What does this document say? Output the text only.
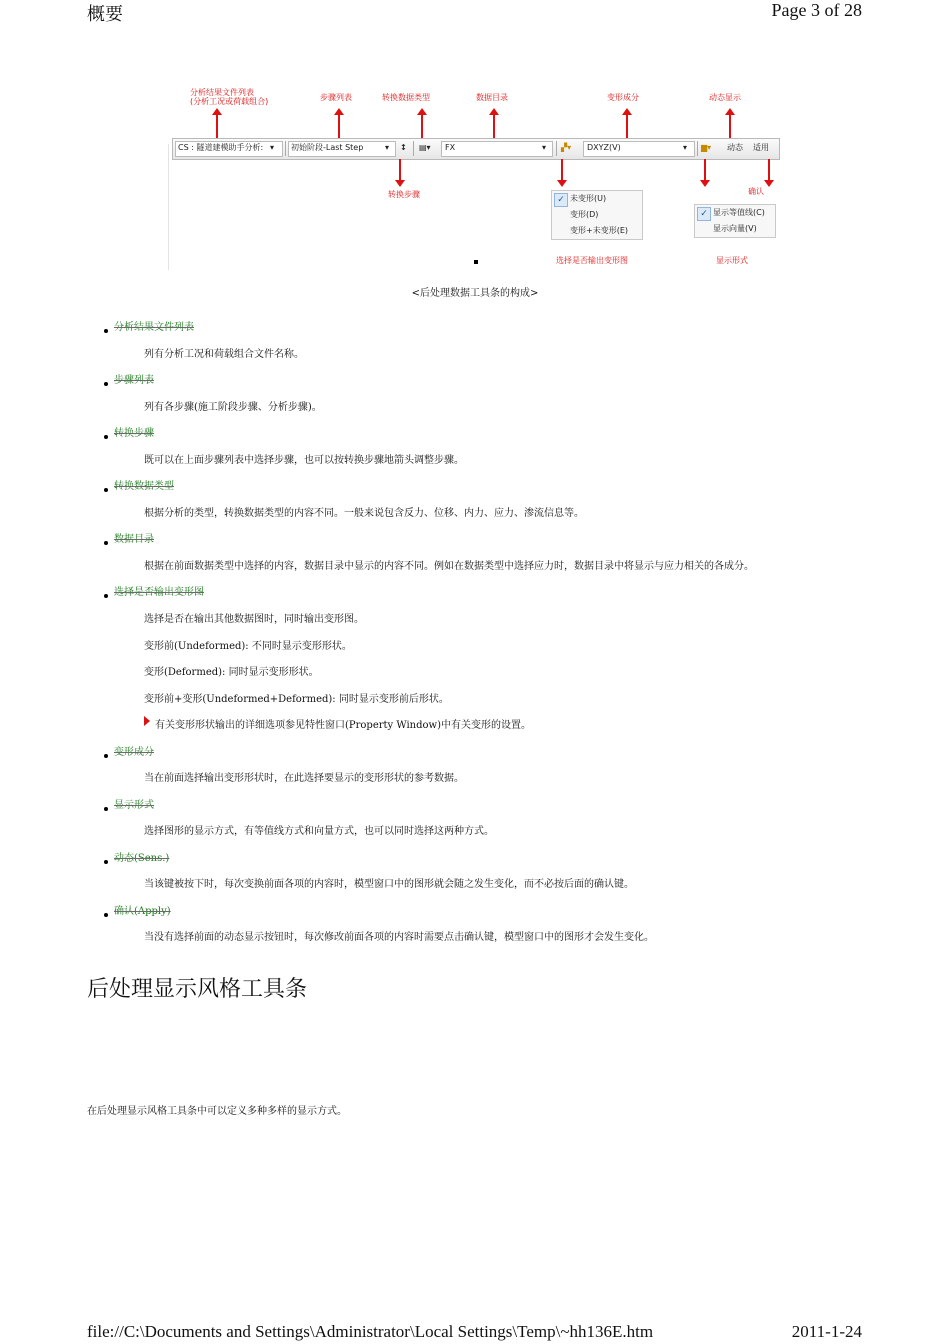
概要	Page 3 of 28
分析结果文件列表
(分析工况或荷载组合)	步骤列表	转换数据类型	数据目录	变形成分	动态显示
CS : 隧道建模助手分析: ▾ 初始阶段-Last Step	▾ ↕ ▤▾ FX	▾ ▞▾ DXYZ(V)	▾ ▆▾ 动态 适用
转换步骤	确认
✓ 未变形(U)
变形(D)
变形+未变形(E)
✓ 显示等值线(C)
显示向量(V)
选择是否输出变形图	显示形式
<后处理数据工具条的构成>
分析结果文件列表
列有分析工况和荷载组合文件名称。
步骤列表
列有各步骤(施工阶段步骤、分析步骤)。
转换步骤
既可以在上面步骤列表中选择步骤，也可以按转换步骤地箭头调整步骤。
转换数据类型
根据分析的类型，转换数据类型的内容不同。一般来说包含反力、位移、内力、应力、渗流信息等。
数据目录
根据在前面数据类型中选择的内容，数据目录中显示的内容不同。例如在数据类型中选择应力时，数据目录中将显示与应力相关的各成分。
选择是否输出变形图
选择是否在输出其他数据图时，同时输出变形图。
变形前(Undeformed): 不同时显示变形形状。
变形(Deformed): 同时显示变形形状。
变形前+变形(Undeformed+Deformed): 同时显示变形前后形状。
有关变形形状输出的详细选项参见特性窗口(Property Window)中有关变形的设置。
变形成分
当在前面选择输出变形形状时，在此选择要显示的变形形状的参考数据。
显示形式
选择图形的显示方式，有等值线方式和向量方式，也可以同时选择这两种方式。
动态(Sens.)
当该键被按下时，每次变换前面各项的内容时，模型窗口中的图形就会随之发生变化，而不必按后面的确认键。
确认(Apply)
当没有选择前面的动态显示按钮时，每次修改前面各项的内容时需要点击确认键，模型窗口中的图形才会发生变化。
后处理显示风格工具条
在后处理显示风格工具条中可以定义多种多样的显示方式。
file://C:\Documents and Settings\Administrator\Local Settings\Temp\~hh136E.htm	2011-1-24
